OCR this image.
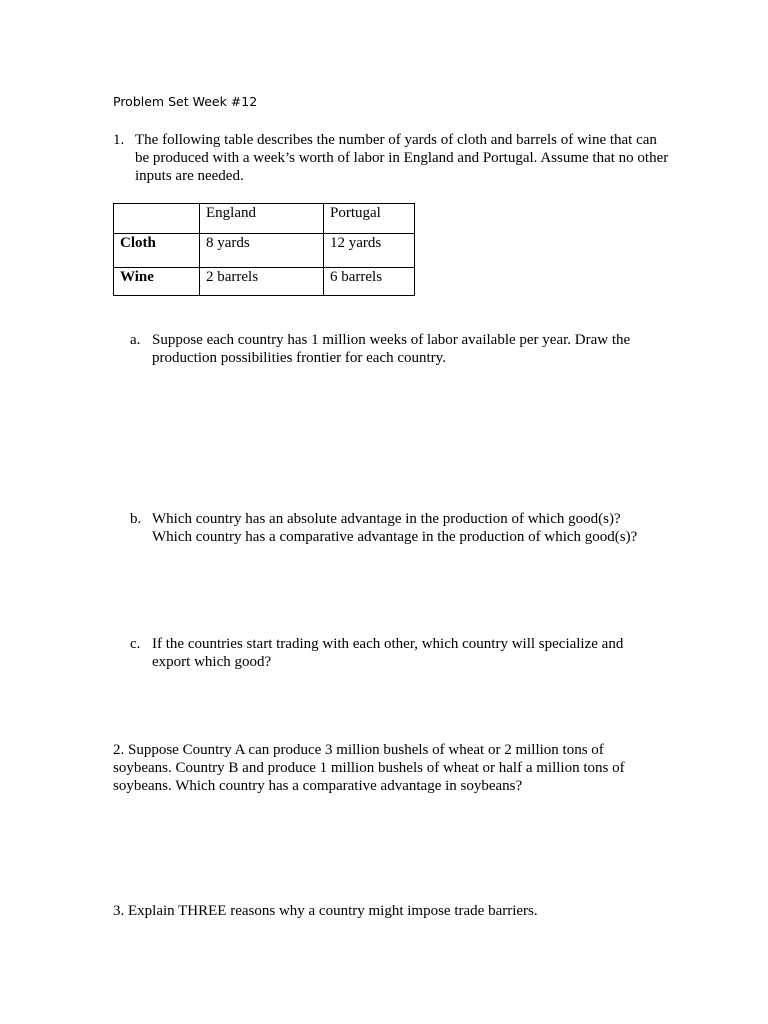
Problem Set Week #12
1. The following table describes the number of yards of cloth and barrels of wine that can be produced with a week’s worth of labor in England and Portugal. Assume that no other inputs are needed.
	England	Portugal
Cloth	8 yards	12 yards
Wine	2 barrels	6 barrels
a. Suppose each country has 1 million weeks of labor available per year. Draw the production possibilities frontier for each country.
b. Which country has an absolute advantage in the production of which good(s)? Which country has a comparative advantage in the production of which good(s)?
c. If the countries start trading with each other, which country will specialize and export which good?
2. Suppose Country A can produce 3 million bushels of wheat or 2 million tons of soybeans. Country B and produce 1 million bushels of wheat or half a million tons of soybeans. Which country has a comparative advantage in soybeans?
3. Explain THREE reasons why a country might impose trade barriers.
